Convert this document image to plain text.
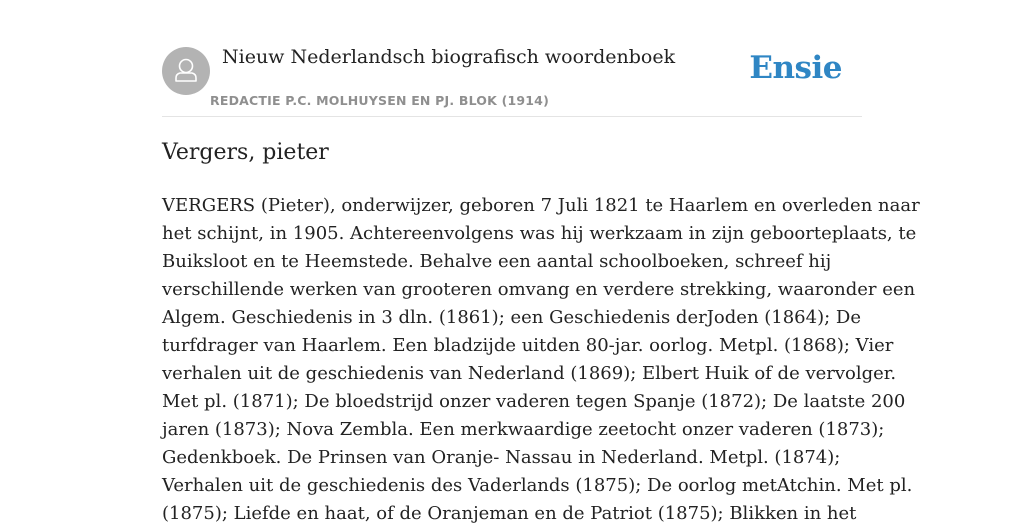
Nieuw Nederlandsch biografisch woordenboek
REDACTIE P.C. MOLHUYSEN EN PJ. BLOK (1914)
Ensie
Vergers, pieter
VERGERS (Pieter), onderwijzer, geboren 7 Juli 1821 te Haarlem en overleden naar
het schijnt, in 1905. Achtereenvolgens was hij werkzaam in zijn geboorteplaats, te
Buiksloot en te Heemstede. Behalve een aantal schoolboeken, schreef hij
verschillende werken van grooteren omvang en verdere strekking, waaronder een
Algem. Geschiedenis in 3 dln. (1861); een Geschiedenis derJoden (1864); De
turfdrager van Haarlem. Een bladzijde uitden 80-jar. oorlog. Metpl. (1868); Vier
verhalen uit de geschiedenis van Nederland (1869); Elbert Huik of de vervolger.
Met pl. (1871); De bloedstrijd onzer vaderen tegen Spanje (1872); De laatste 200
jaren (1873); Nova Zembla. Een merkwaardige zeetocht onzer vaderen (1873);
Gedenkboek. De Prinsen van Oranje- Nassau in Nederland. Metpl. (1874);
Verhalen uit de geschiedenis des Vaderlands (1875); De oorlog metAtchin. Met pl.
(1875); Liefde en haat, of de Oranjeman en de Patriot (1875); Blikken in het
